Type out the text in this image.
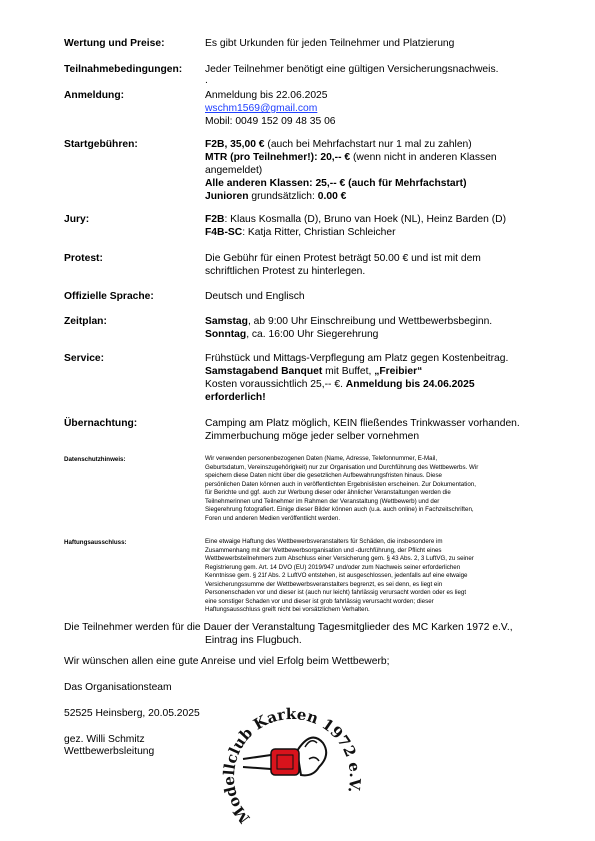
Wertung und Preise:	Es gibt Urkunden für jeden Teilnehmer und Platzierung
Teilnahmebedingungen: Jeder Teilnehmer benötigt eine gültigen Versicherungsnachweis.
.
Anmeldung:	Anmeldung bis 22.06.2025
wschm1569@gmail.com
Mobil: 0049 152 09 48 35 06
Startgebühren:	F2B, 35,00 € (auch bei Mehrfachstart nur 1 mal zu zahlen)
MTR (pro Teilnehmer!): 20,-- € (wenn nicht in anderen Klassen
angemeldet)
Alle anderen Klassen: 25,-- € (auch für Mehrfachstart)
Junioren grundsätzlich: 0.00 €
Jury:	F2B: Klaus Kosmalla (D), Bruno van Hoek (NL), Heinz Barden (D)
F4B-SC: Katja Ritter, Christian Schleicher
Protest:	Die Gebühr für einen Protest beträgt 50.00 € und ist mit dem
schriftlichen Protest zu hinterlegen.
Offizielle Sprache:	Deutsch und Englisch
Zeitplan:	Samstag, ab 9:00 Uhr Einschreibung und Wettbewerbsbeginn.
Sonntag, ca. 16:00 Uhr Siegerehrung
Service:	Frühstück und Mittags-Verpflegung am Platz gegen Kostenbeitrag.
Samstagabend Banquet mit Buffet, „Freibier“
Kosten voraussichtlich 25,-- €. Anmeldung bis 24.06.2025
erforderlich!
Übernachtung:	Camping am Platz möglich, KEIN fließendes Trinkwasser vorhanden.
Zimmerbuchung möge jeder selber vornehmen
Datenschutzhinweis:	Wir verwenden personenbezogenen Daten (Name, Adresse, Telefonnummer, E-Mail,
Geburtsdatum, Vereinszugehörigkeit) nur zur Organisation und Durchführung des Wettbewerbs. Wir
speichern diese Daten nicht über die gesetzlichen Aufbewahrungsfristen hinaus. Diese
persönlichen Daten können auch in veröffentlichten Ergebnislisten erscheinen. Zur Dokumentation,
für Berichte und ggf. auch zur Werbung dieser oder ähnlicher Veranstaltungen werden die
Teilnehmerinnen und Teilnehmer im Rahmen der Veranstaltung (Wettbewerb) und der
Siegerehrung fotografiert. Einige dieser Bilder können auch (u.a. auch online) in Fachzeitschriften,
Foren und anderen Medien veröffentlicht werden.
Haftungsausschluss:	Eine etwaige Haftung des Wettbewerbsveranstalters für Schäden, die insbesondere im
Zusammenhang mit der Wettbewerbsorganisation und -durchführung, der Pflicht eines
Wettbewerbsteilnehmers zum Abschluss einer Versicherung gem. § 43 Abs. 2, 3 LuftVG, zu seiner
Registrierung gem. Art. 14 DVO (EU) 2019/947 und/oder zum Nachweis seiner erforderlichen
Kenntnisse gem. § 21f Abs. 2 LuftVO entstehen, ist ausgeschlossen, jedenfalls auf eine etwaige
Versicherungssumme der Wettbewerbsveranstalters begrenzt, es sei denn, es liegt ein
Personenschaden vor und dieser ist (auch nur leicht) fahrlässig verursacht worden oder es liegt
eine sonstiger Schaden vor und dieser ist grob fahrlässig verursacht worden; dieser
Haftungsausschluss greift nicht bei vorsätzlichem Verhalten.
Die Teilnehmer werden für die Dauer der Veranstaltung Tagesmitglieder des MC Karken 1972 e.V.,
Eintrag ins Flugbuch.
Wir wünschen allen eine gute Anreise und viel Erfolg beim Wettbewerb;
Das Organisationsteam
52525 Heinsberg, 20.05.2025
gez. Willi Schmitz
Wettbewerbsleitung
Modellclub Karken 1972 e.V.
